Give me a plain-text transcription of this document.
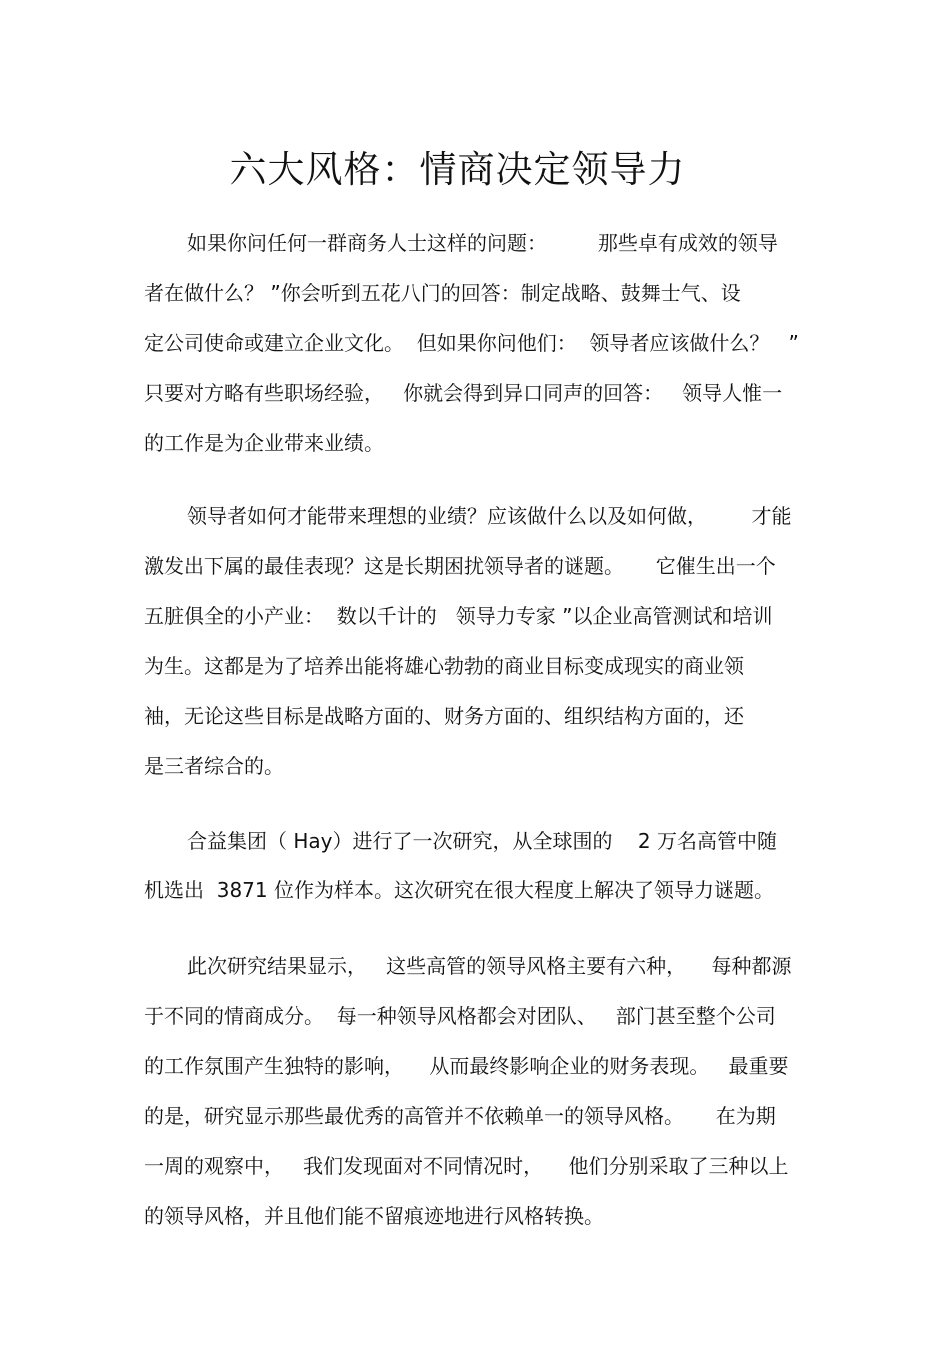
六大风格：情商决定领导力

如果你问任何一群商务人士这样的问题：        那些卓有成效的领导

者在做什么？ ”你会听到五花八门的回答：制定战略、鼓舞士气、设

定公司使命或建立企业文化。  但如果你问他们：  领导者应该做什么？   ”

只要对方略有些职场经验，   你就会得到异口同声的回答：   领导人惟一

的工作是为企业带来业绩。

领导者如何才能带来理想的业绩？应该做什么以及如何做，       才能

激发出下属的最佳表现？这是长期困扰领导者的谜题。     它催生出一个

五脏俱全的小产业：  数以千计的   领导力专家 ”以企业高管测试和培训

为生。这都是为了培养出能将雄心勃勃的商业目标变成现实的商业领

袖，无论这些目标是战略方面的、财务方面的、组织结构方面的，还

是三者综合的。

合益集团（ Hay）进行了一次研究，从全球围的    2 万名高管中随

机选出  3871 位作为样本。这次研究在很大程度上解决了领导力谜题。

此次研究结果显示，   这些高管的领导风格主要有六种，    每种都源

于不同的情商成分。  每一种领导风格都会对团队、   部门甚至整个公司

的工作氛围产生独特的影响，    从而最终影响企业的财务表现。   最重要

的是，研究显示那些最优秀的高管并不依赖单一的领导风格。     在为期

一周的观察中，   我们发现面对不同情况时，    他们分别采取了三种以上

的领导风格，并且他们能不留痕迹地进行风格转换。
